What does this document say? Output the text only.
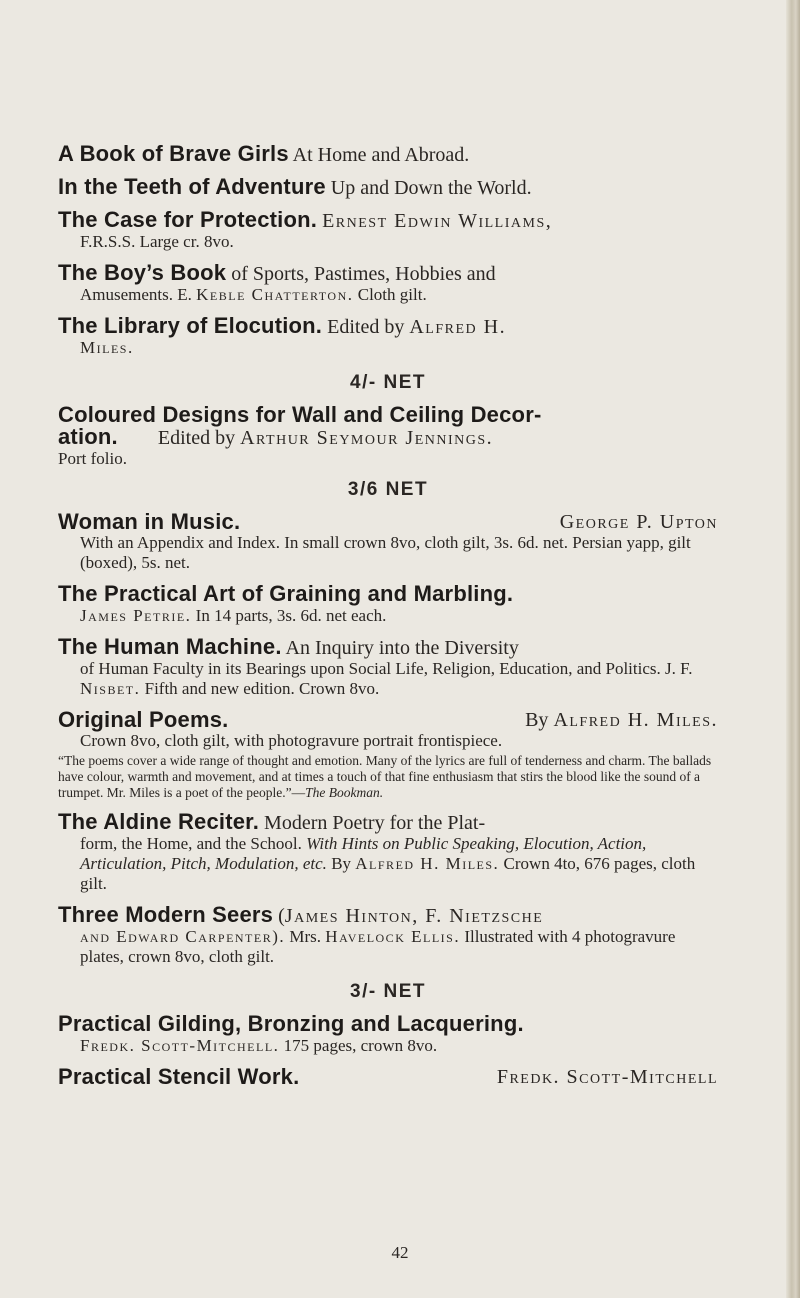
A Book of Brave Girls At Home and Abroad.
In the Teeth of Adventure Up and Down the World.
The Case for Protection. Ernest Edwin Williams,
F.R.S.S. Large cr. 8vo.
The Boy’s Book of Sports, Pastimes, Hobbies and
Amusements. E. Keble Chatterton. Cloth gilt.
The Library of Elocution. Edited by Alfred H.
Miles.
4/- NET
Coloured Designs for Wall and Ceiling Decor-
ation.        Edited by Arthur Seymour Jennings.
Port folio.
3/6 NET
Woman in Music.	George P. Upton
With an Appendix and Index. In small crown 8vo, cloth gilt, 3s. 6d. net. Persian yapp, gilt (boxed), 5s. net.
The Practical Art of Graining and Marbling.
James Petrie. In 14 parts, 3s. 6d. net each.
The Human Machine. An Inquiry into the Diversity
of Human Faculty in its Bearings upon Social Life, Religion, Education, and Politics. J. F. Nisbet. Fifth and new edition. Crown 8vo.
Original Poems.	By Alfred H. Miles.
Crown 8vo, cloth gilt, with photogravure portrait frontispiece.
“The poems cover a wide range of thought and emotion. Many of the lyrics are full of tenderness and charm. The ballads have colour, warmth and movement, and at times a touch of that fine enthusiasm that stirs the blood like the sound of a trumpet. Mr. Miles is a poet of the people.”—The Bookman.
The Aldine Reciter. Modern Poetry for the Plat-
form, the Home, and the School. With Hints on Public Speaking, Elocution, Action, Articulation, Pitch, Modulation, etc. By Alfred H. Miles. Crown 4to, 676 pages, cloth gilt.
Three Modern Seers (James Hinton, F. Nietzsche
and Edward Carpenter). Mrs. Havelock Ellis. Illustrated with 4 photogravure plates, crown 8vo, cloth gilt.
3/- NET
Practical Gilding, Bronzing and Lacquering.
Fredk. Scott-Mitchell. 175 pages, crown 8vo.
Practical Stencil Work.	Fredk. Scott-Mitchell
42
